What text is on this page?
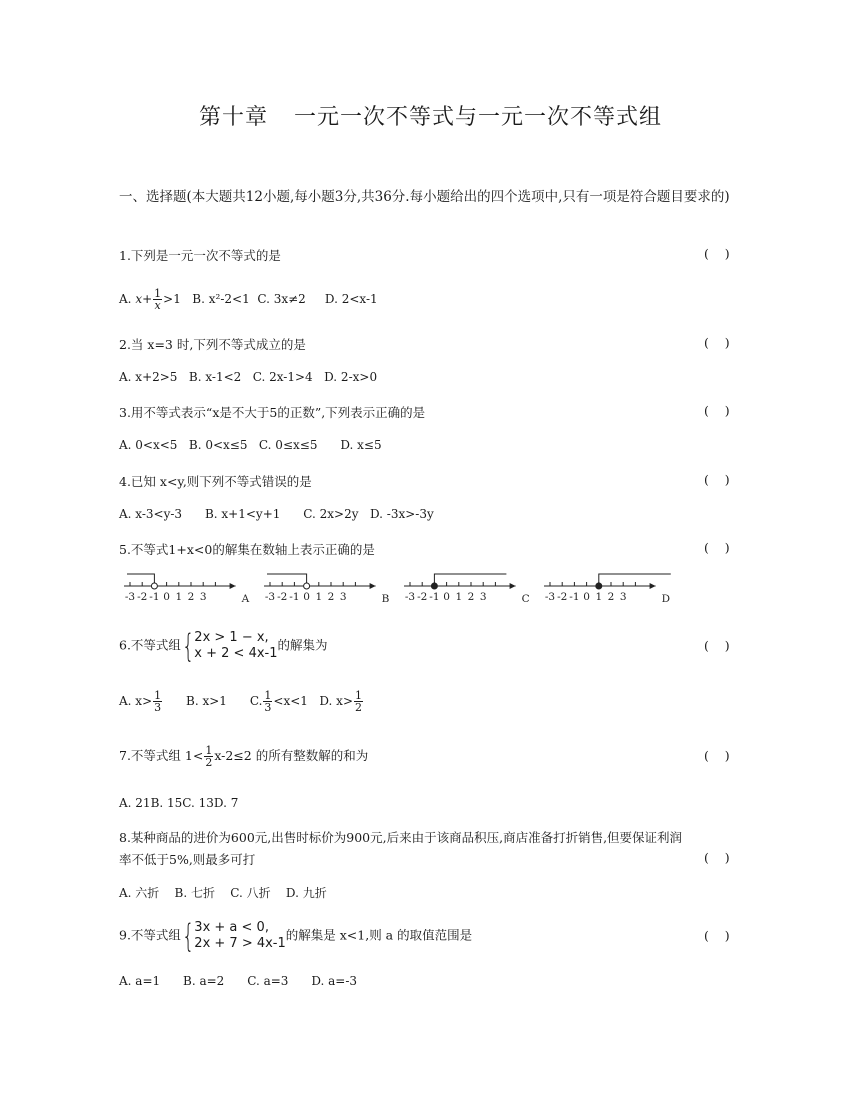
第十章 一元一次不等式与一元一次不等式组
一、选择题(本大题共12小题,每小题3分,共36分.每小题给出的四个选项中,只有一项是符合题目要求的)
1.下列是一元一次不等式的是	(    )
A. $x+ \frac{1}{x} >1$   B. x²-2<1 C. 3x≠2 D. 2<x-1
2.当 x=3 时,下列不等式成立的是	(    )
A. x+2>5   B. x-1<2   C. 2x-1>4   D. 2-x>0
3.用不等式表示“x是不大于5的正数”,下列表示正确的是	(    )
A. 0<x<5   B. 0<x≤5   C. 0≤x≤5      D. x≤5
4.已知 x<y,则下列不等式错误的是	(    )
A. x-3<y-3      B. x+1<y+1      C. 2x>2y   D. -3x>-3y
5.不等式1+x<0的解集在数轴上表示正确的是	(    )
-3 -2 -1 0 1 2 3	A -3 -2 -1 0 1 2 3	B -3 -2 -1 0 1 2 3	C -3 -2 -1 0 1 2 3	D
6.不等式组 { 2x > 1 − x,
x + 2 < 4x-1
的解集为	(    )
A. $x> \frac{1}{3} B$. x>1 C. $\frac{1}{3} <x<1$ D. $x> \frac{1}{2}$
7.不等式组 $1< \frac{1}{2} x-2\le 2$ 的所有整数解的和为	(    )
A. 21B. 15C. 13D. 7
8.某种商品的进价为600元,出售时标价为900元,后来由于该商品积压,商店准备打折销售,但要保证利润
率不低于5%,则最多可打	(    )
A. 六折    B. 七折    C. 八折    D. 九折
9.不等式组 { 3x + a < 0,
2x + 7 > 4x-1
的解集是 x<1,则 a 的取值范围是	(    )
A. a=1      B. a=2      C. a=3      D. a=-3
